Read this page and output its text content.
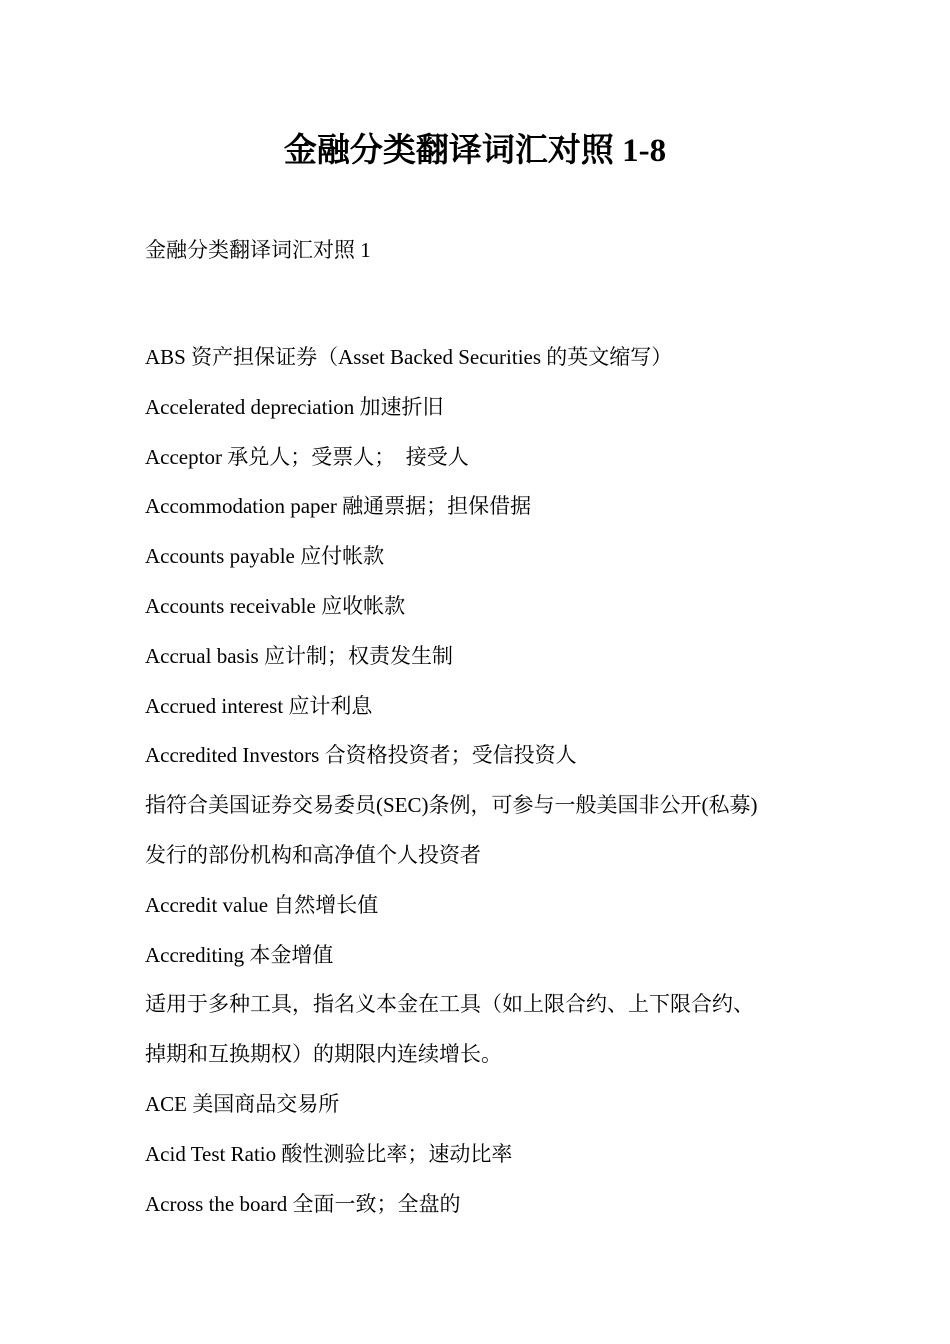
金融分类翻译词汇对照 1-8

金融分类翻译词汇对照 1

ABS 资产担保证券（Asset Backed Securities 的英文缩写）
Accelerated depreciation 加速折旧
Acceptor 承兑人；受票人；　接受人
Accommodation paper 融通票据；担保借据
Accounts payable 应付帐款
Accounts receivable 应收帐款
Accrual basis 应计制；权责发生制
Accrued interest 应计利息
Accredited Investors 合资格投资者；受信投资人
指符合美国证券交易委员(SEC)条例，可参与一般美国非公开(私募)
发行的部份机构和高净值个人投资者
Accredit value 自然增长值
Accrediting 本金增值
适用于多种工具，指名义本金在工具（如上限合约、上下限合约、
掉期和互换期权）的期限内连续增长。
ACE 美国商品交易所
Acid Test Ratio 酸性测验比率；速动比率
Across the board 全面一致；全盘的
